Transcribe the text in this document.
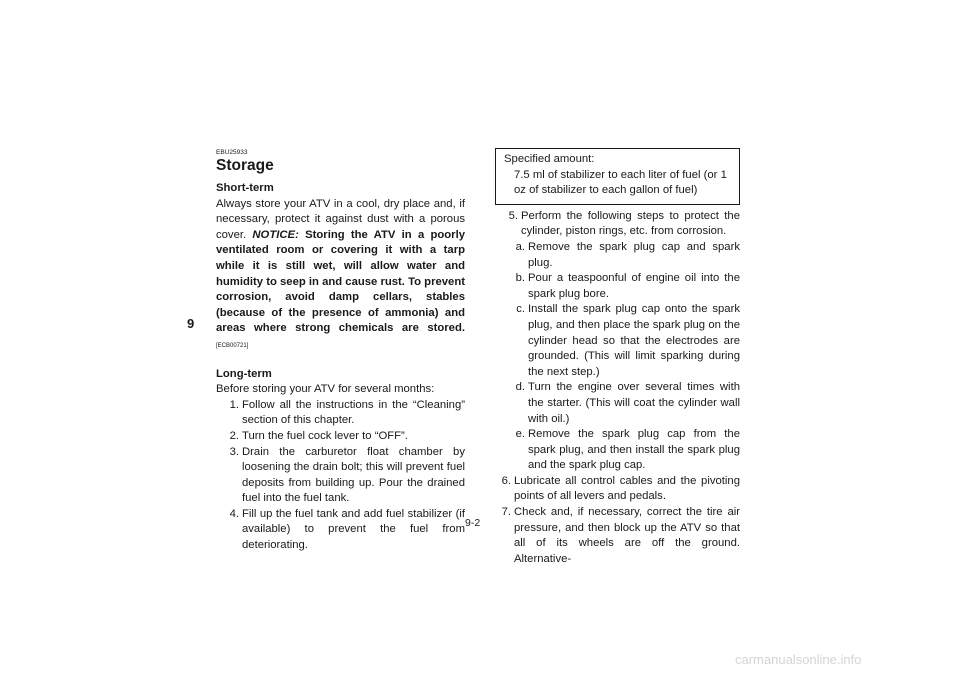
9
EBU25933
Storage
Short-term

Always store your ATV in a cool, dry place and, if necessary, protect it against dust with a porous cover. NOTICE: Storing the ATV in a poorly ventilated room or covering it with a tarp while it is still wet, will allow water and humidity to seep in and cause rust. To prevent corrosion, avoid damp cellars, stables (because of the presence of ammonia) and areas where strong chemicals are stored. [ECB00721]

Long-term

Before storing your ATV for several months:

1. Follow all the instructions in the “Cleaning” section of this chapter.
2. Turn the fuel cock lever to “OFF”.
3. Drain the carburetor float chamber by loosening the drain bolt; this will prevent fuel deposits from building up. Pour the drained fuel into the fuel tank.
4. Fill up the fuel tank and add fuel stabilizer (if available) to prevent the fuel from deteriorating.
Specified amount:
7.5 ml of stabilizer to each liter of fuel (or 1 oz of stabilizer to each gallon of fuel)
5. Perform the following steps to protect the cylinder, piston rings, etc. from corrosion.
a. Remove the spark plug cap and spark plug.
b. Pour a teaspoonful of engine oil into the spark plug bore.
c. Install the spark plug cap onto the spark plug, and then place the spark plug on the cylinder head so that the electrodes are grounded. (This will limit sparking during the next step.)
d. Turn the engine over several times with the starter. (This will coat the cylinder wall with oil.)
e. Remove the spark plug cap from the spark plug, and then install the spark plug and the spark plug cap.
6. Lubricate all control cables and the pivoting points of all levers and pedals.
7. Check and, if necessary, correct the tire air pressure, and then block up the ATV so that all of its wheels are off the ground. Alternative-
9-2
carmanualsonline.info
